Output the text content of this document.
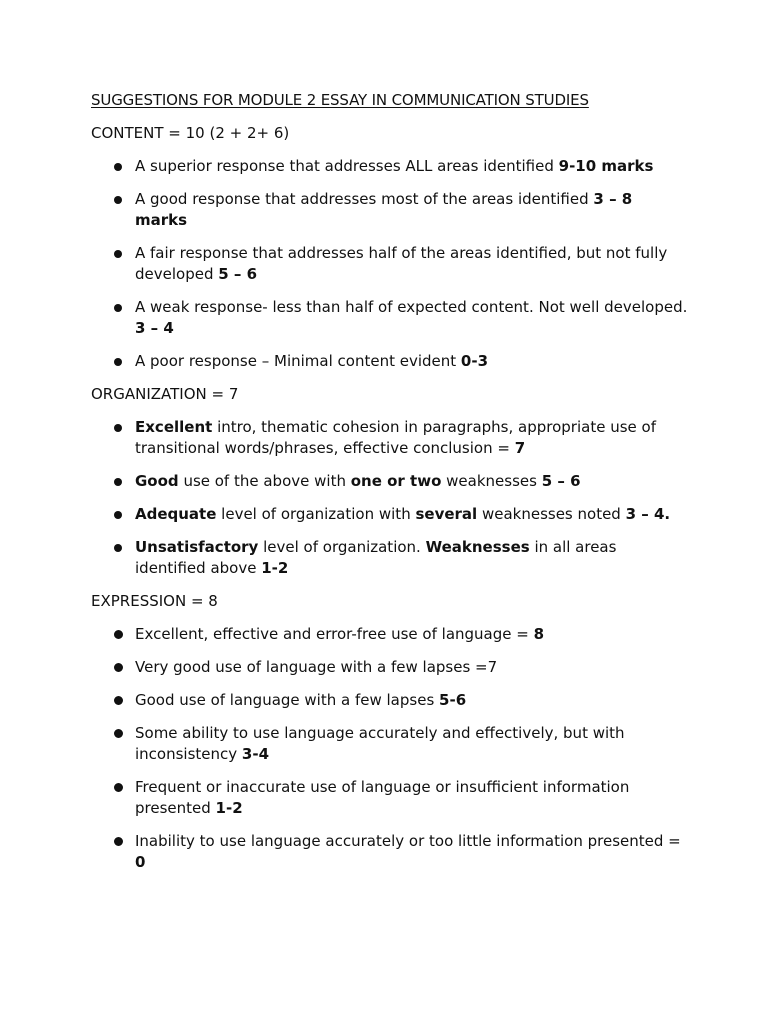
SUGGESTIONS FOR MODULE 2 ESSAY IN COMMUNICATION STUDIES
CONTENT = 10 (2 + 2+ 6)
A superior response that addresses ALL areas identified 9-10 marks
A good response that addresses most of the areas identified 3 – 8 marks
A fair response that addresses half of the areas identified, but not fully developed 5 – 6
A weak response- less than half of expected content. Not well developed. 3 – 4
A poor response – Minimal content evident 0-3
ORGANIZATION = 7
Excellent intro, thematic cohesion in paragraphs, appropriate use of transitional words/phrases, effective conclusion = 7
Good use of the above with one or two weaknesses 5 – 6
Adequate level of organization with several weaknesses noted 3 – 4.
Unsatisfactory level of organization. Weaknesses in all areas identified above 1-2
EXPRESSION = 8
Excellent, effective and error-free use of language = 8
Very good use of language with a few lapses =7
Good use of language with a few lapses 5-6
Some ability to use language accurately and effectively, but with inconsistency 3-4
Frequent or inaccurate use of language or insufficient information presented 1-2
Inability to use language accurately or too little information presented = 0
